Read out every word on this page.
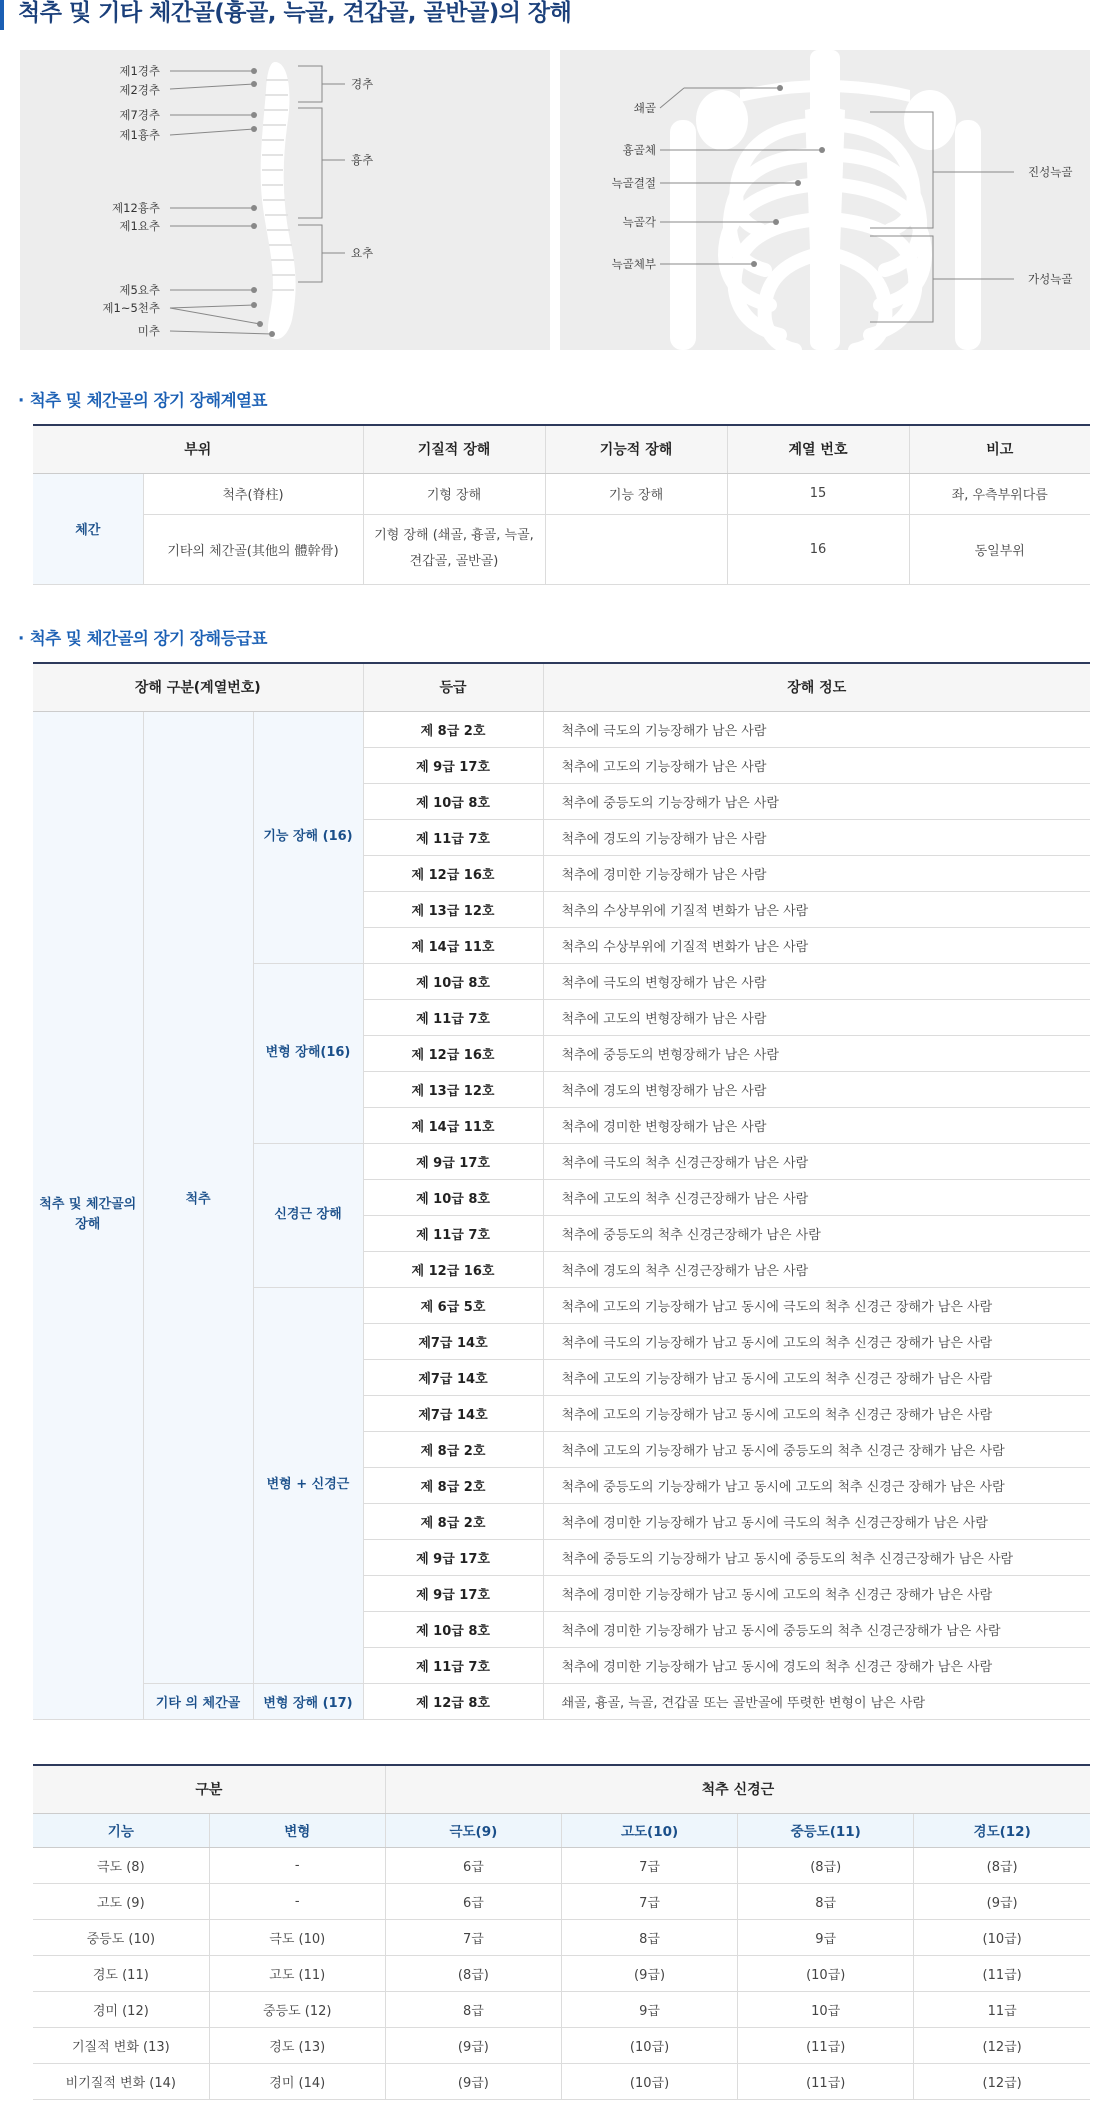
척추 및 기타 체간골(흉골, 늑골, 견갑골, 골반골)의 장해
제1경추
제2경추
제7경추
제1흉추
제12흉추
제1요추
제5요추
제1~5천추
미추
경추
흉추
요추
쇄골
흉골체
늑골결절
늑골각
늑골체부
진성늑골
가성늑골
· 척추 및 체간골의 장기 장해계열표
부위		기질적 장해	기능적 장해	계열 번호	비고
체간	척추(脊柱)	기형 장해	기능 장해	15	좌, 우측부위다름
	기타의 체간골(其他의 體幹骨)	기형 장해 (쇄골, 흉골, 늑골, 견갑골, 골반골)		16	동일부위
· 척추 및 체간골의 장기 장해등급표
장해 구분(계열번호)			등급	장해 정도
척추 및 체간골의 장해	척추	기능 장해 (16)	제 8급 2호	척추에 극도의 기능장해가 남은 사람
			제 9급 17호	척추에 고도의 기능장해가 남은 사람
			제 10급 8호	척추에 중등도의 기능장해가 남은 사람
			제 11급 7호	척추에 경도의 기능장해가 남은 사람
			제 12급 16호	척추에 경미한 기능장해가 남은 사람
			제 13급 12호	척추의 수상부위에 기질적 변화가 남은 사람
			제 14급 11호	척추의 수상부위에 기질적 변화가 남은 사람
		변형 장해(16)	제 10급 8호	척추에 극도의 변형장해가 남은 사람
			제 11급 7호	척추에 고도의 변형장해가 남은 사람
			제 12급 16호	척추에 중등도의 변형장해가 남은 사람
			제 13급 12호	척추에 경도의 변형장해가 남은 사람
			제 14급 11호	척추에 경미한 변형장해가 남은 사람
		신경근 장해	제 9급 17호	척추에 극도의 척추 신경근장해가 남은 사람
			제 10급 8호	척추에 고도의 척추 신경근장해가 남은 사람
			제 11급 7호	척추에 중등도의 척추 신경근장해가 남은 사람
			제 12급 16호	척추에 경도의 척추 신경근장해가 남은 사람
		변형 + 신경근	제 6급 5호	척추에 고도의 기능장해가 남고 동시에 극도의 척추 신경근 장해가 남은 사람
			제7급 14호	척추에 극도의 기능장해가 남고 동시에 고도의 척추 신경근 장해가 남은 사람
			제7급 14호	척추에 고도의 기능장해가 남고 동시에 고도의 척추 신경근 장해가 남은 사람
			제7급 14호	척추에 고도의 기능장해가 남고 동시에 고도의 척추 신경근 장해가 남은 사람
			제 8급 2호	척추에 고도의 기능장해가 남고 동시에 중등도의 척추 신경근 장해가 남은 사람
			제 8급 2호	척추에 중등도의 기능장해가 남고 동시에 고도의 척추 신경근 장해가 남은 사람
			제 8급 2호	척추에 경미한 기능장해가 남고 동시에 극도의 척추 신경근장해가 남은 사람
			제 9급 17호	척추에 중등도의 기능장해가 남고 동시에 중등도의 척추 신경근장해가 남은 사람
			제 9급 17호	척추에 경미한 기능장해가 남고 동시에 고도의 척추 신경근 장해가 남은 사람
			제 10급 8호	척추에 경미한 기능장해가 남고 동시에 중등도의 척추 신경근장해가 남은 사람
			제 11급 7호	척추에 경미한 기능장해가 남고 동시에 경도의 척추 신경근 장해가 남은 사람
	기타 의 체간골	변형 장해 (17)	제 12급 8호	쇄골, 흉골, 늑골, 견갑골 또는 골반골에 뚜렷한 변형이 남은 사람
구분		척추 신경근			
기능	변형	극도(9)	고도(10)	중등도(11)	경도(12)
극도 (8)	-	6급	7급	(8급)	(8급)
고도 (9)	-	6급	7급	8급	(9급)
중등도 (10)	극도 (10)	7급	8급	9급	(10급)
경도 (11)	고도 (11)	(8급)	(9급)	(10급)	(11급)
경미 (12)	중등도 (12)	8급	9급	10급	11급
기질적 변화 (13)	경도 (13)	(9급)	(10급)	(11급)	(12급)
비기질적 변화 (14)	경미 (14)	(9급)	(10급)	(11급)	(12급)
